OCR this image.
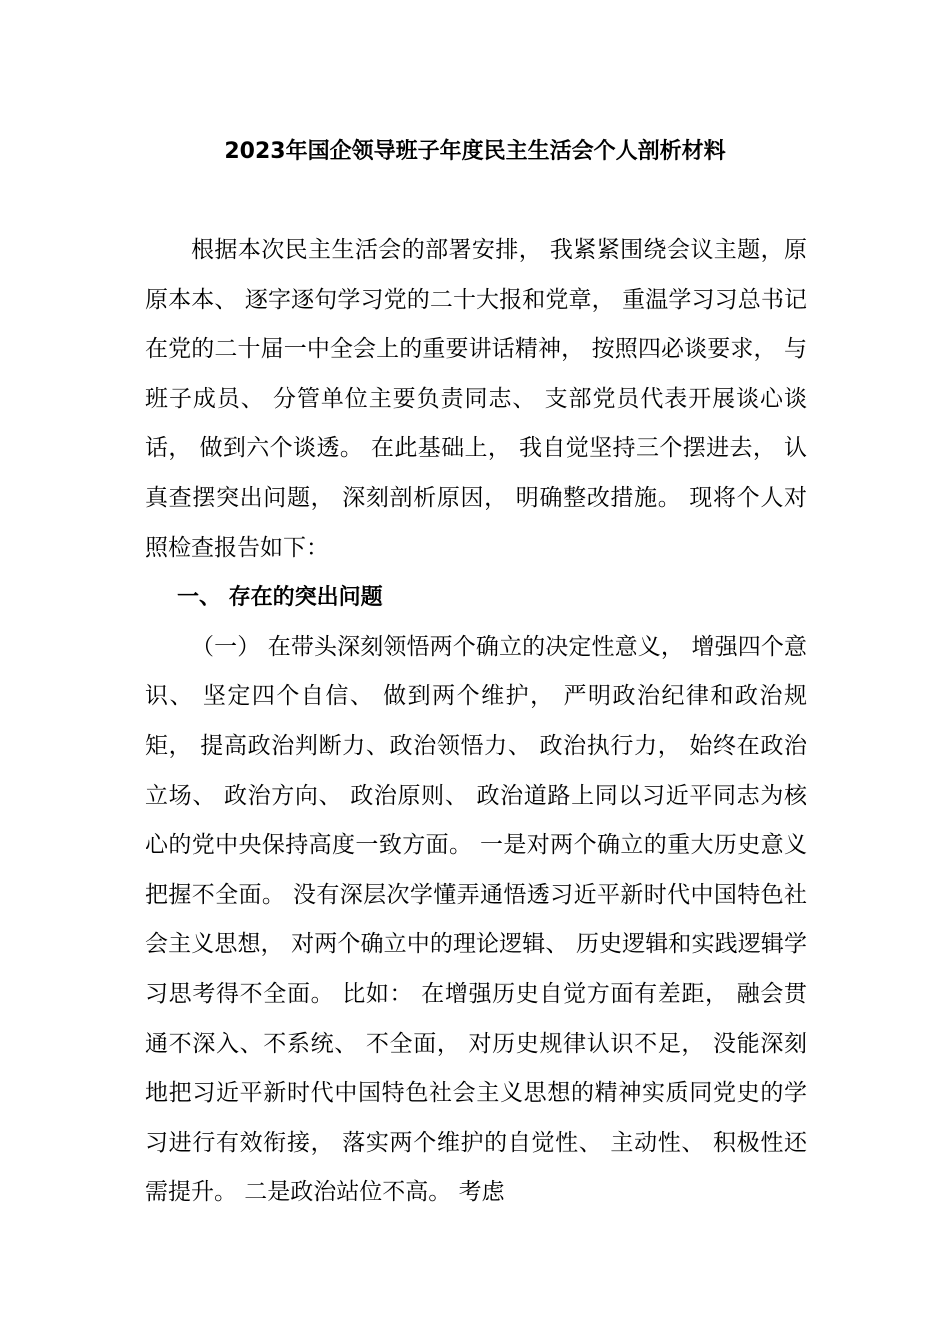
2023年国企领导班子年度民主生活会个人剖析材料

根据本次民主生活会的部署安排， 我紧紧围绕会议主题，原原本本、 逐字逐句学习党的二十大报和党章， 重温学习习总书记在党的二十届一中全会上的重要讲话精神， 按照四必谈要求， 与班子成员、 分管单位主要负责同志、 支部党员代表开展谈心谈话， 做到六个谈透。 在此基础上， 我自觉坚持三个摆进去， 认真查摆突出问题， 深刻剖析原因， 明确整改措施。 现将个人对照检查报告如下：

一、 存在的突出问题

（一） 在带头深刻领悟两个确立的决定性意义， 增强四个意识、 坚定四个自信、 做到两个维护， 严明政治纪律和政治规矩， 提高政治判断力、政治领悟力、 政治执行力， 始终在政治立场、 政治方向、 政治原则、 政治道路上同以习近平同志为核心的党中央保持高度一致方面。 一是对两个确立的重大历史意义把握不全面。 没有深层次学懂弄通悟透习近平新时代中国特色社会主义思想， 对两个确立中的理论逻辑、 历史逻辑和实践逻辑学习思考得不全面。 比如： 在增强历史自觉方面有差距， 融会贯通不深入、不系统、 不全面， 对历史规律认识不足， 没能深刻地把习近平新时代中国特色社会主义思想的精神实质同党史的学习进行有效衔接， 落实两个维护的自觉性、 主动性、 积极性还需提升。 二是政治站位不高。 考虑
